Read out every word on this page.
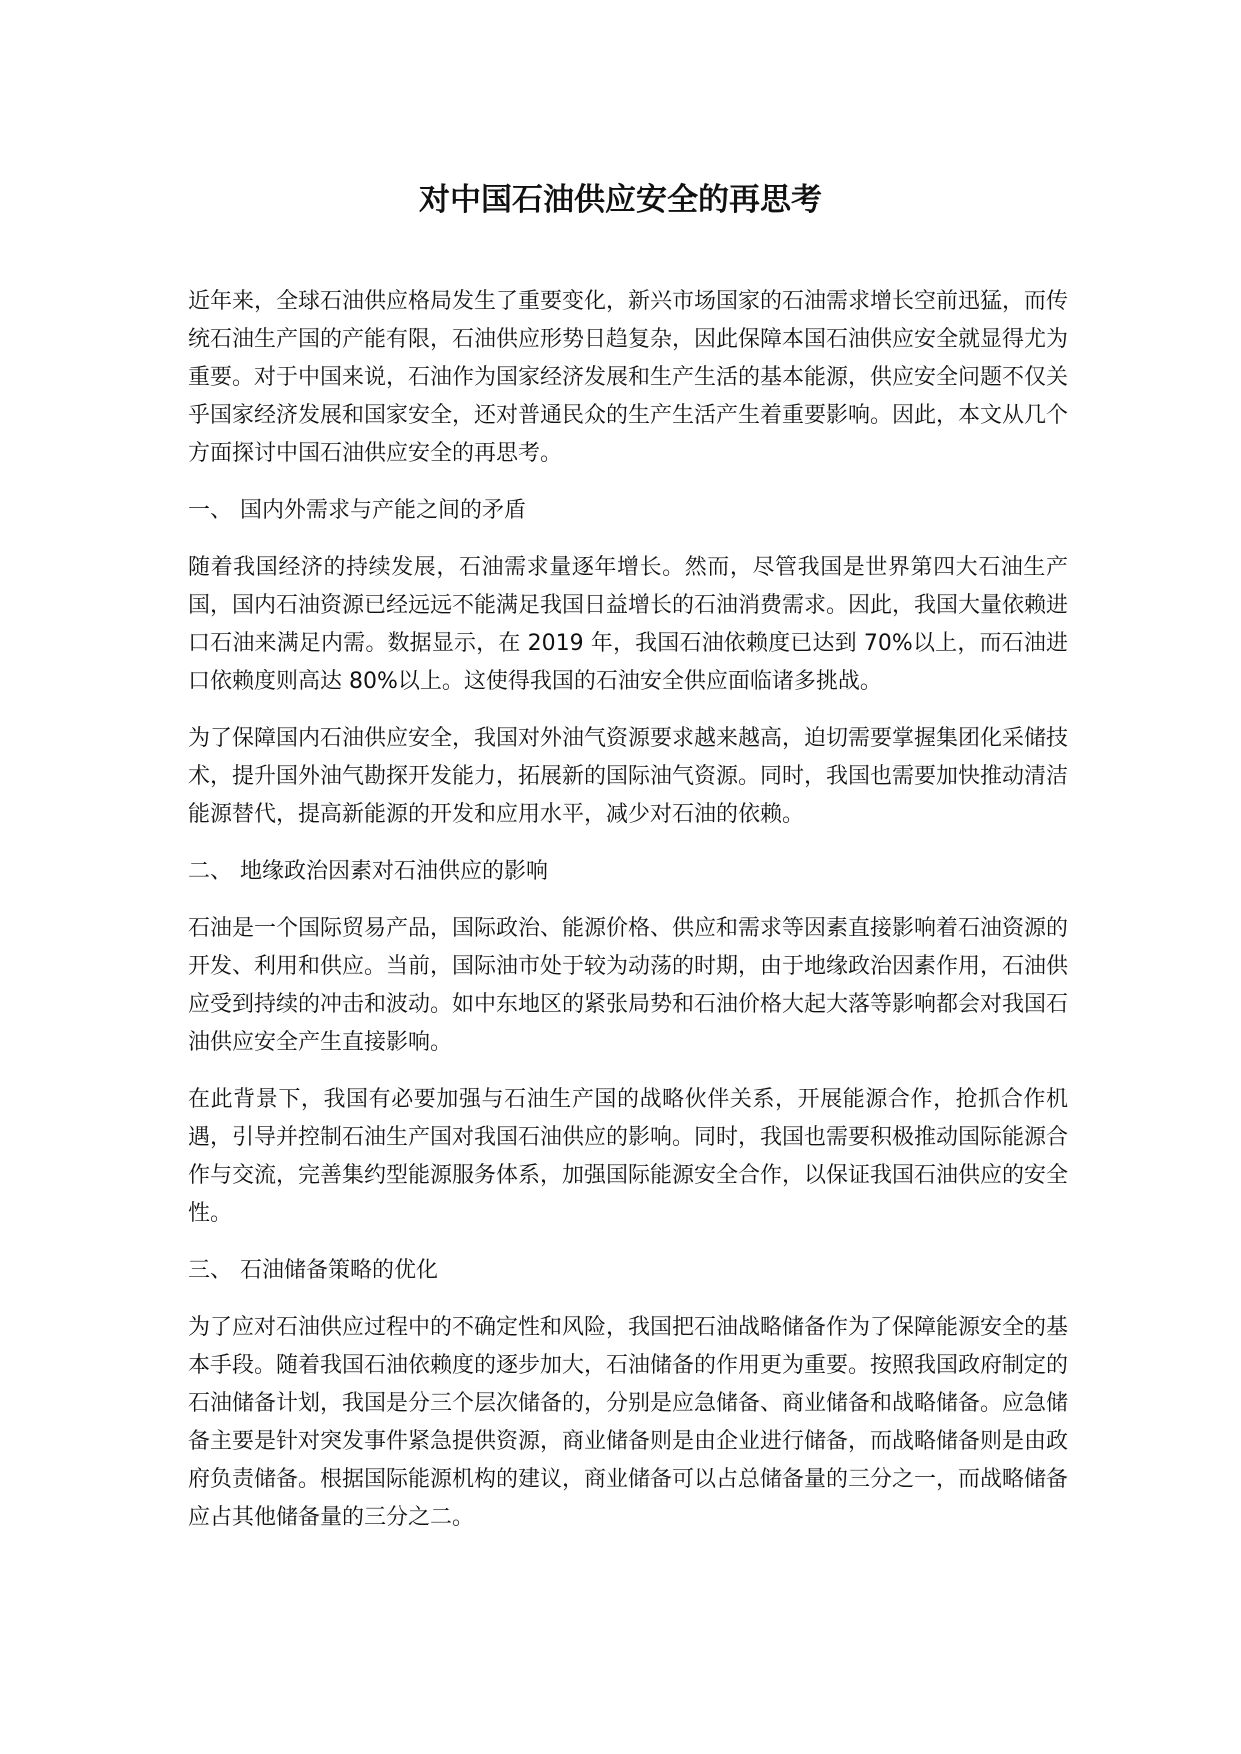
对中国石油供应安全的再思考

近年来，全球石油供应格局发生了重要变化，新兴市场国家的石油需求增长空前迅猛，而传统石油生产国的产能有限，石油供应形势日趋复杂，因此保障本国石油供应安全就显得尤为重要。对于中国来说，石油作为国家经济发展和生产生活的基本能源，供应安全问题不仅关乎国家经济发展和国家安全，还对普通民众的生产生活产生着重要影响。因此，本文从几个方面探讨中国石油供应安全的再思考。

一、 国内外需求与产能之间的矛盾

随着我国经济的持续发展，石油需求量逐年增长。然而，尽管我国是世界第四大石油生产国，国内石油资源已经远远不能满足我国日益增长的石油消费需求。因此，我国大量依赖进口石油来满足内需。数据显示，在 2019 年，我国石油依赖度已达到 70%以上，而石油进口依赖度则高达 80%以上。这使得我国的石油安全供应面临诸多挑战。

为了保障国内石油供应安全，我国对外油气资源要求越来越高，迫切需要掌握集团化采储技术，提升国外油气勘探开发能力，拓展新的国际油气资源。同时，我国也需要加快推动清洁能源替代，提高新能源的开发和应用水平，减少对石油的依赖。

二、 地缘政治因素对石油供应的影响

石油是一个国际贸易产品，国际政治、能源价格、供应和需求等因素直接影响着石油资源的开发、利用和供应。当前，国际油市处于较为动荡的时期，由于地缘政治因素作用，石油供应受到持续的冲击和波动。如中东地区的紧张局势和石油价格大起大落等影响都会对我国石油供应安全产生直接影响。

在此背景下，我国有必要加强与石油生产国的战略伙伴关系，开展能源合作，抢抓合作机遇，引导并控制石油生产国对我国石油供应的影响。同时，我国也需要积极推动国际能源合作与交流，完善集约型能源服务体系，加强国际能源安全合作，以保证我国石油供应的安全性。

三、 石油储备策略的优化

为了应对石油供应过程中的不确定性和风险，我国把石油战略储备作为了保障能源安全的基本手段。随着我国石油依赖度的逐步加大，石油储备的作用更为重要。按照我国政府制定的石油储备计划，我国是分三个层次储备的，分别是应急储备、商业储备和战略储备。应急储备主要是针对突发事件紧急提供资源，商业储备则是由企业进行储备，而战略储备则是由政府负责储备。根据国际能源机构的建议，商业储备可以占总储备量的三分之一，而战略储备应占其他储备量的三分之二。
